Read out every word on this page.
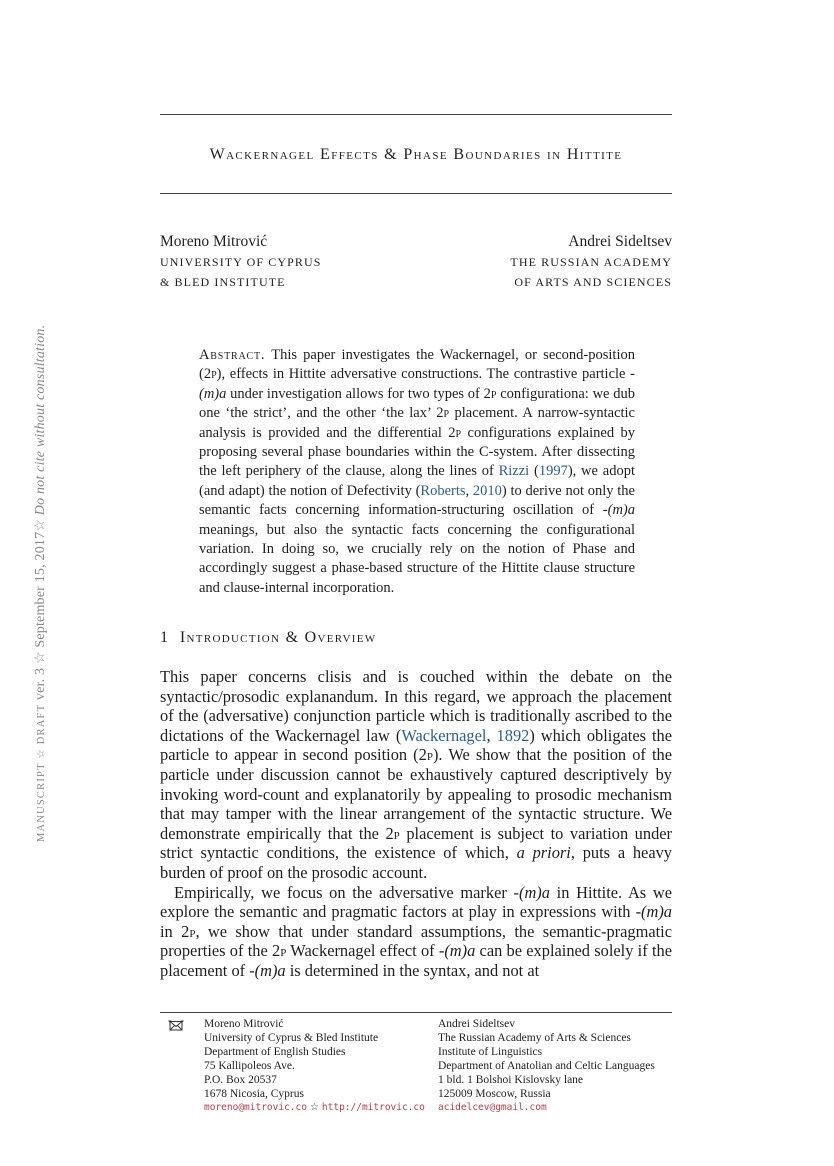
Wackernagel Effects & Phase Boundaries in Hittite
Moreno Mitrović
UNIVERSITY OF CYPRUS
& BLED INSTITUTE
Andrei Sideltsev
THE RUSSIAN ACADEMY
OF ARTS AND SCIENCES
MANUSCRIPT ☆ DRAFT ver. 3 ☆ September 15, 2017☆ Do not cite without consultation.	Abstract. This paper investigates the Wackernagel, or second-position (2p), effects in Hittite adversative constructions. The contrastive particle -(m)a under investigation allows for two types of 2p configurationa: we dub one ‘the strict’, and the other ‘the lax’ 2p placement. A narrow-syntactic analysis is provided and the differential 2p configurations explained by proposing several phase boundaries within the C-system. After dissecting the left periphery of the clause, along the lines of Rizzi (1997), we adopt (and adapt) the notion of Defectivity (Roberts, 2010) to derive not only the semantic facts concerning information-structuring oscillation of -(m)a meanings, but also the syntactic facts concerning the configurational variation. In doing so, we crucially rely on the notion of Phase and accordingly suggest a phase-based structure of the Hittite clause structure and clause-internal incorporation.
1 Introduction & Overview

This paper concerns clisis and is couched within the debate on the syntactic/prosodic explanandum. In this regard, we approach the placement of the (adversative) conjunction particle which is traditionally ascribed to the dictations of the Wackernagel law (Wackernagel, 1892) which obligates the particle to appear in second position (2p). We show that the position of the particle under discussion cannot be exhaustively captured descriptively by invoking word-count and explanatorily by appealing to prosodic mechanism that may tamper with the linear arrangement of the syntactic structure. We demonstrate empirically that the 2p placement is subject to variation under strict syntactic conditions, the existence of which, a priori, puts a heavy burden of proof on the prosodic account.

Empirically, we focus on the adversative marker -(m)a in Hittite. As we explore the semantic and pragmatic factors at play in expressions with -(m)a in 2p, we show that under standard assumptions, the semantic-pragmatic properties of the 2p Wackernagel effect of -(m)a can be explained solely if the placement of -(m)a is determined in the syntax, and not at

Moreno Mitrović
University of Cyprus & Bled Institute
Department of English Studies
75 Kallipoleos Ave.
P.O. Box 20537
1678 Nicosia, Cyprus
moreno@mitrovic.co ☆ http://mitrovic.co
Andrei Sideltsev
The Russian Academy of Arts & Sciences
Institute of Linguistics
Department of Anatolian and Celtic Languages
1 bld. 1 Bolshoi Kislovsky lane
125009 Moscow, Russia
acidelcev@gmail.com
